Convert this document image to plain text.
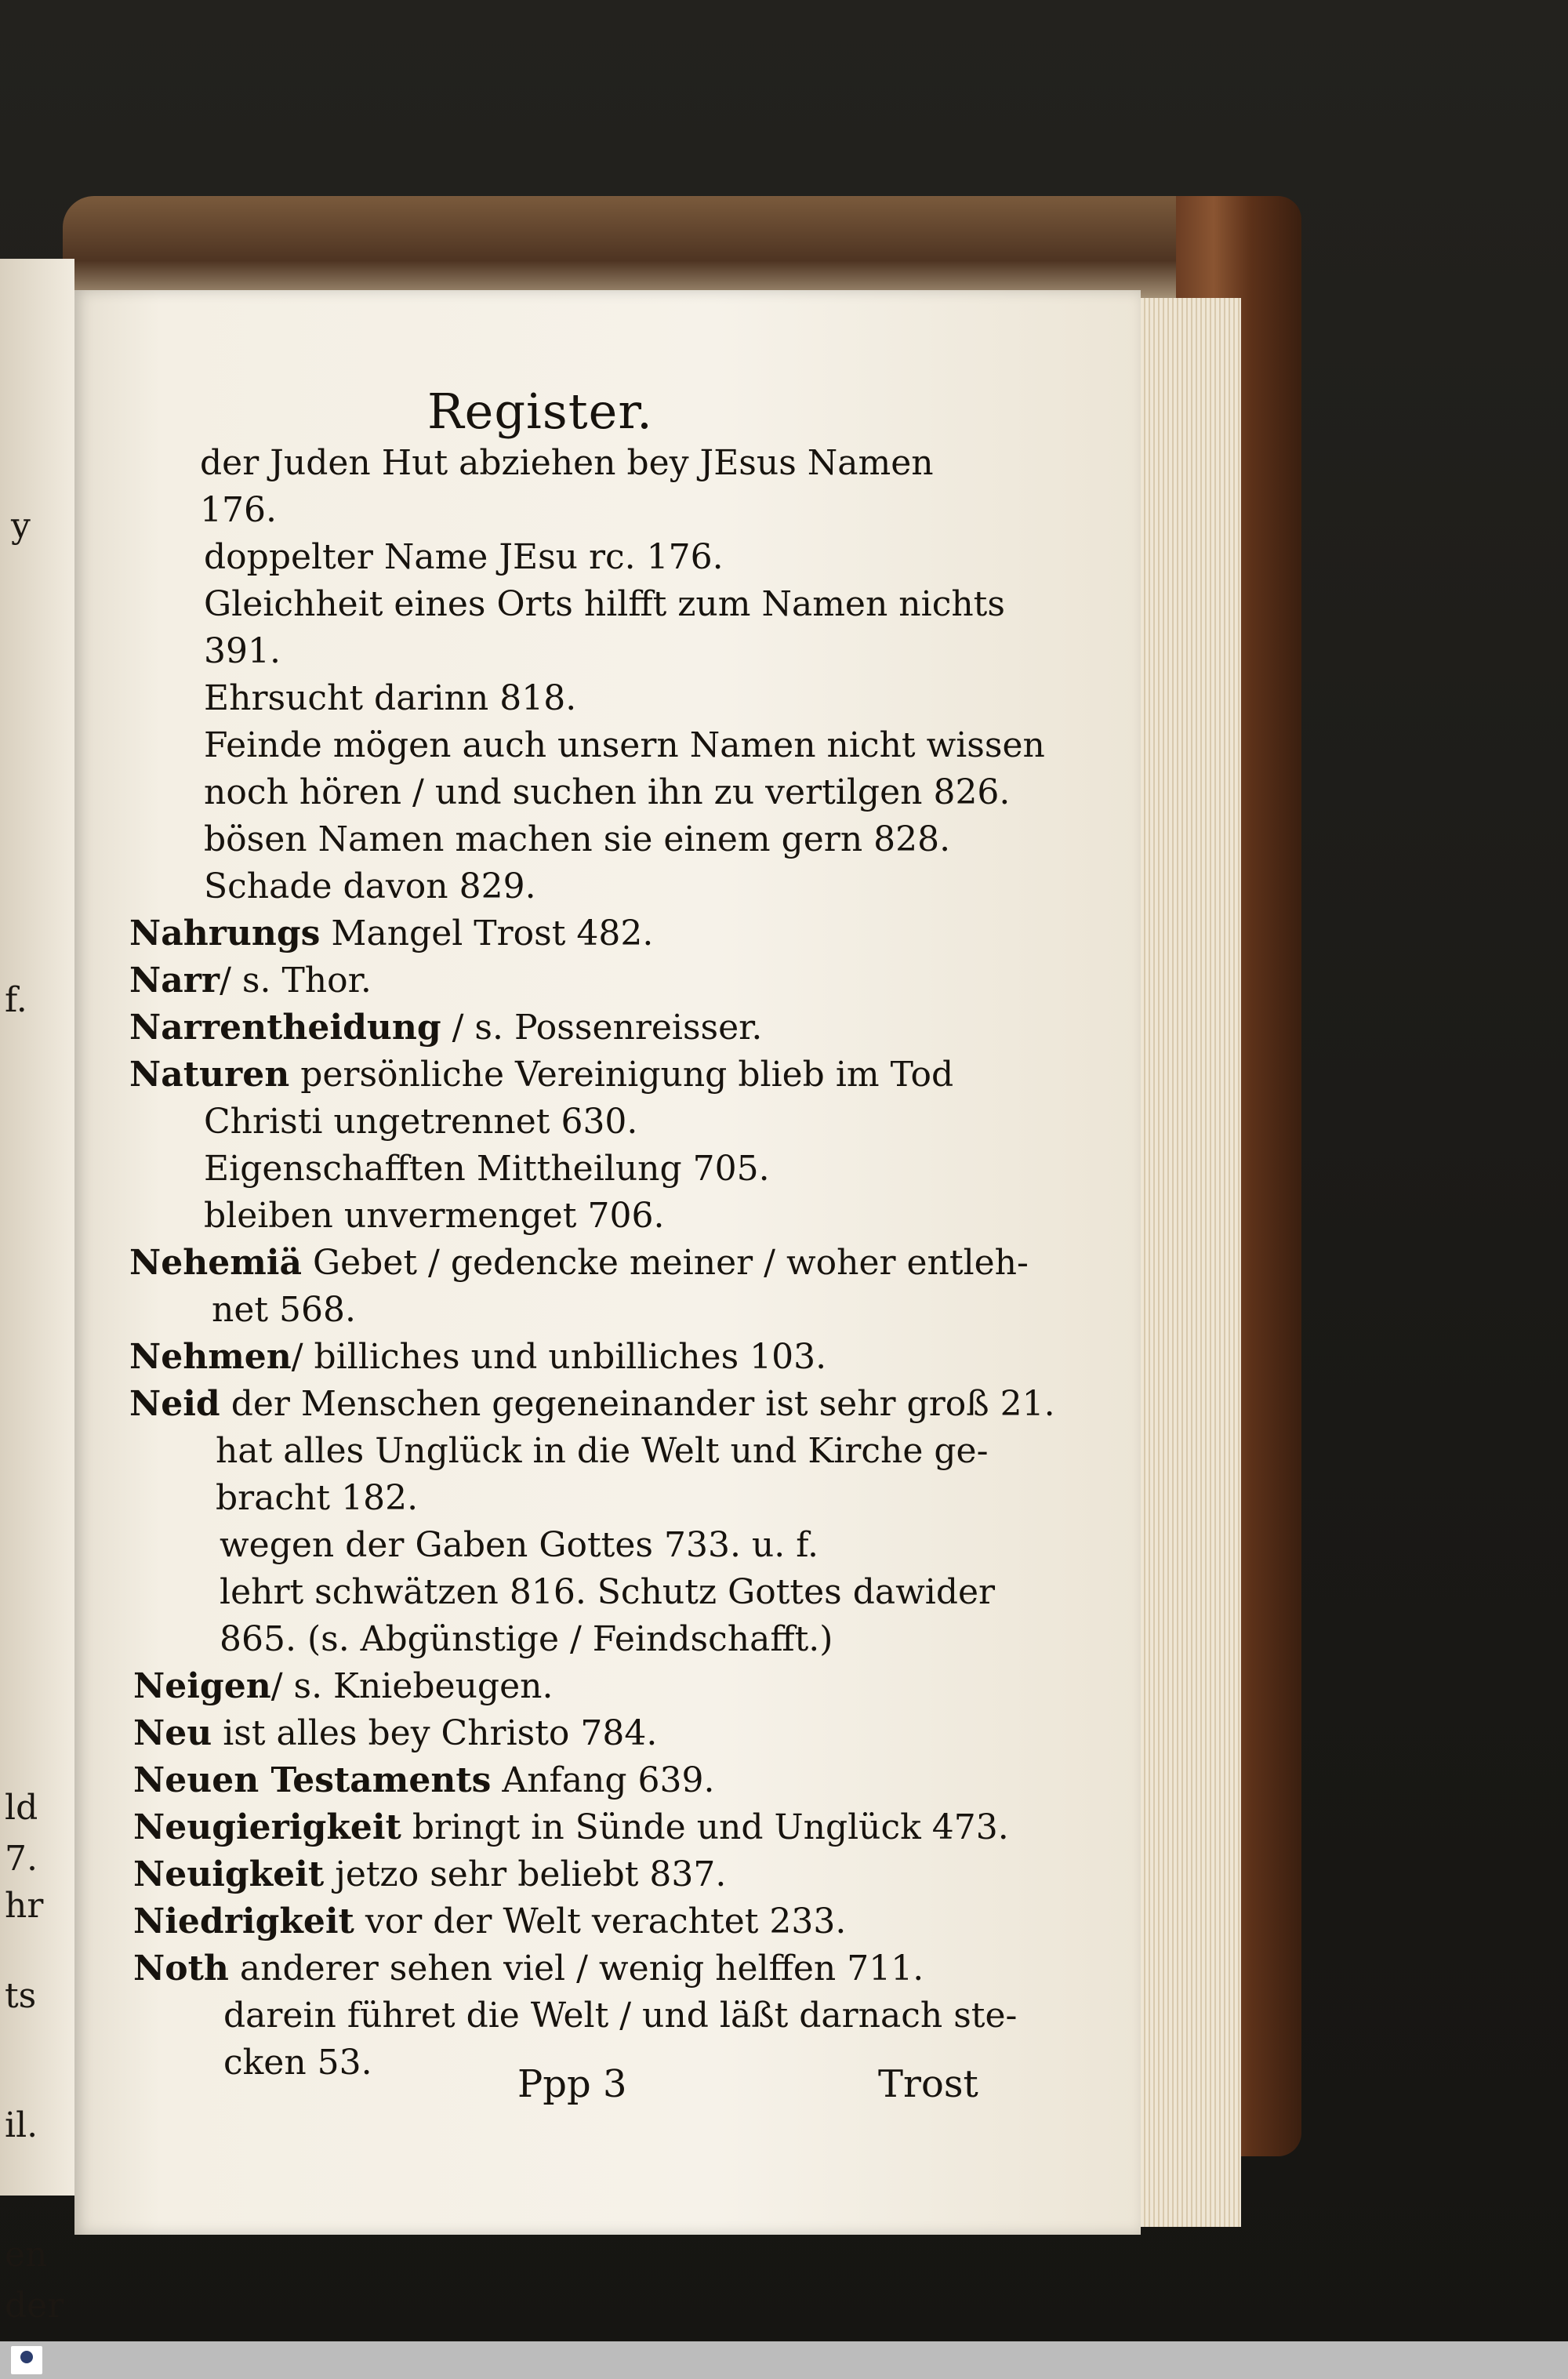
y
f.
ld
7.
hr
ts
il.
en
der
Register.
der Juden Hut abziehen bey JEsus Namen
176.
doppelter Name JEsu rc. 176.
Gleichheit eines Orts hilfft zum Namen nichts
391.
Ehrsucht darinn 818.
Feinde mögen auch unsern Namen nicht wissen
noch hören / und suchen ihn zu vertilgen 826.
bösen Namen machen sie einem gern 828.
Schade davon 829.
Nahrungs Mangel Trost 482.
Narr/ s. Thor.
Narrentheidung / s. Possenreisser.
Naturen persönliche Vereinigung blieb im Tod
Christi ungetrennet 630.
Eigenschafften Mittheilung 705.
bleiben unvermenget 706.
Nehemiä Gebet / gedencke meiner / woher entleh-
net 568.
Nehmen/ billiches und unbilliches 103.
Neid der Menschen gegeneinander ist sehr groß 21.
hat alles Unglück in die Welt und Kirche ge-
bracht 182.
wegen der Gaben Gottes 733. u. f.
lehrt schwätzen 816. Schutz Gottes dawider
865. (s. Abgünstige / Feindschafft.)
Neigen/ s. Kniebeugen.
Neu ist alles bey Christo 784.
Neuen Testaments Anfang 639.
Neugierigkeit bringt in Sünde und Unglück 473.
Neuigkeit jetzo sehr beliebt 837.
Niedrigkeit vor der Welt verachtet 233.
Noth anderer sehen viel / wenig helffen 711.
darein führet die Welt / und läßt darnach ste-
cken 53.	Ppp 3	Trost
